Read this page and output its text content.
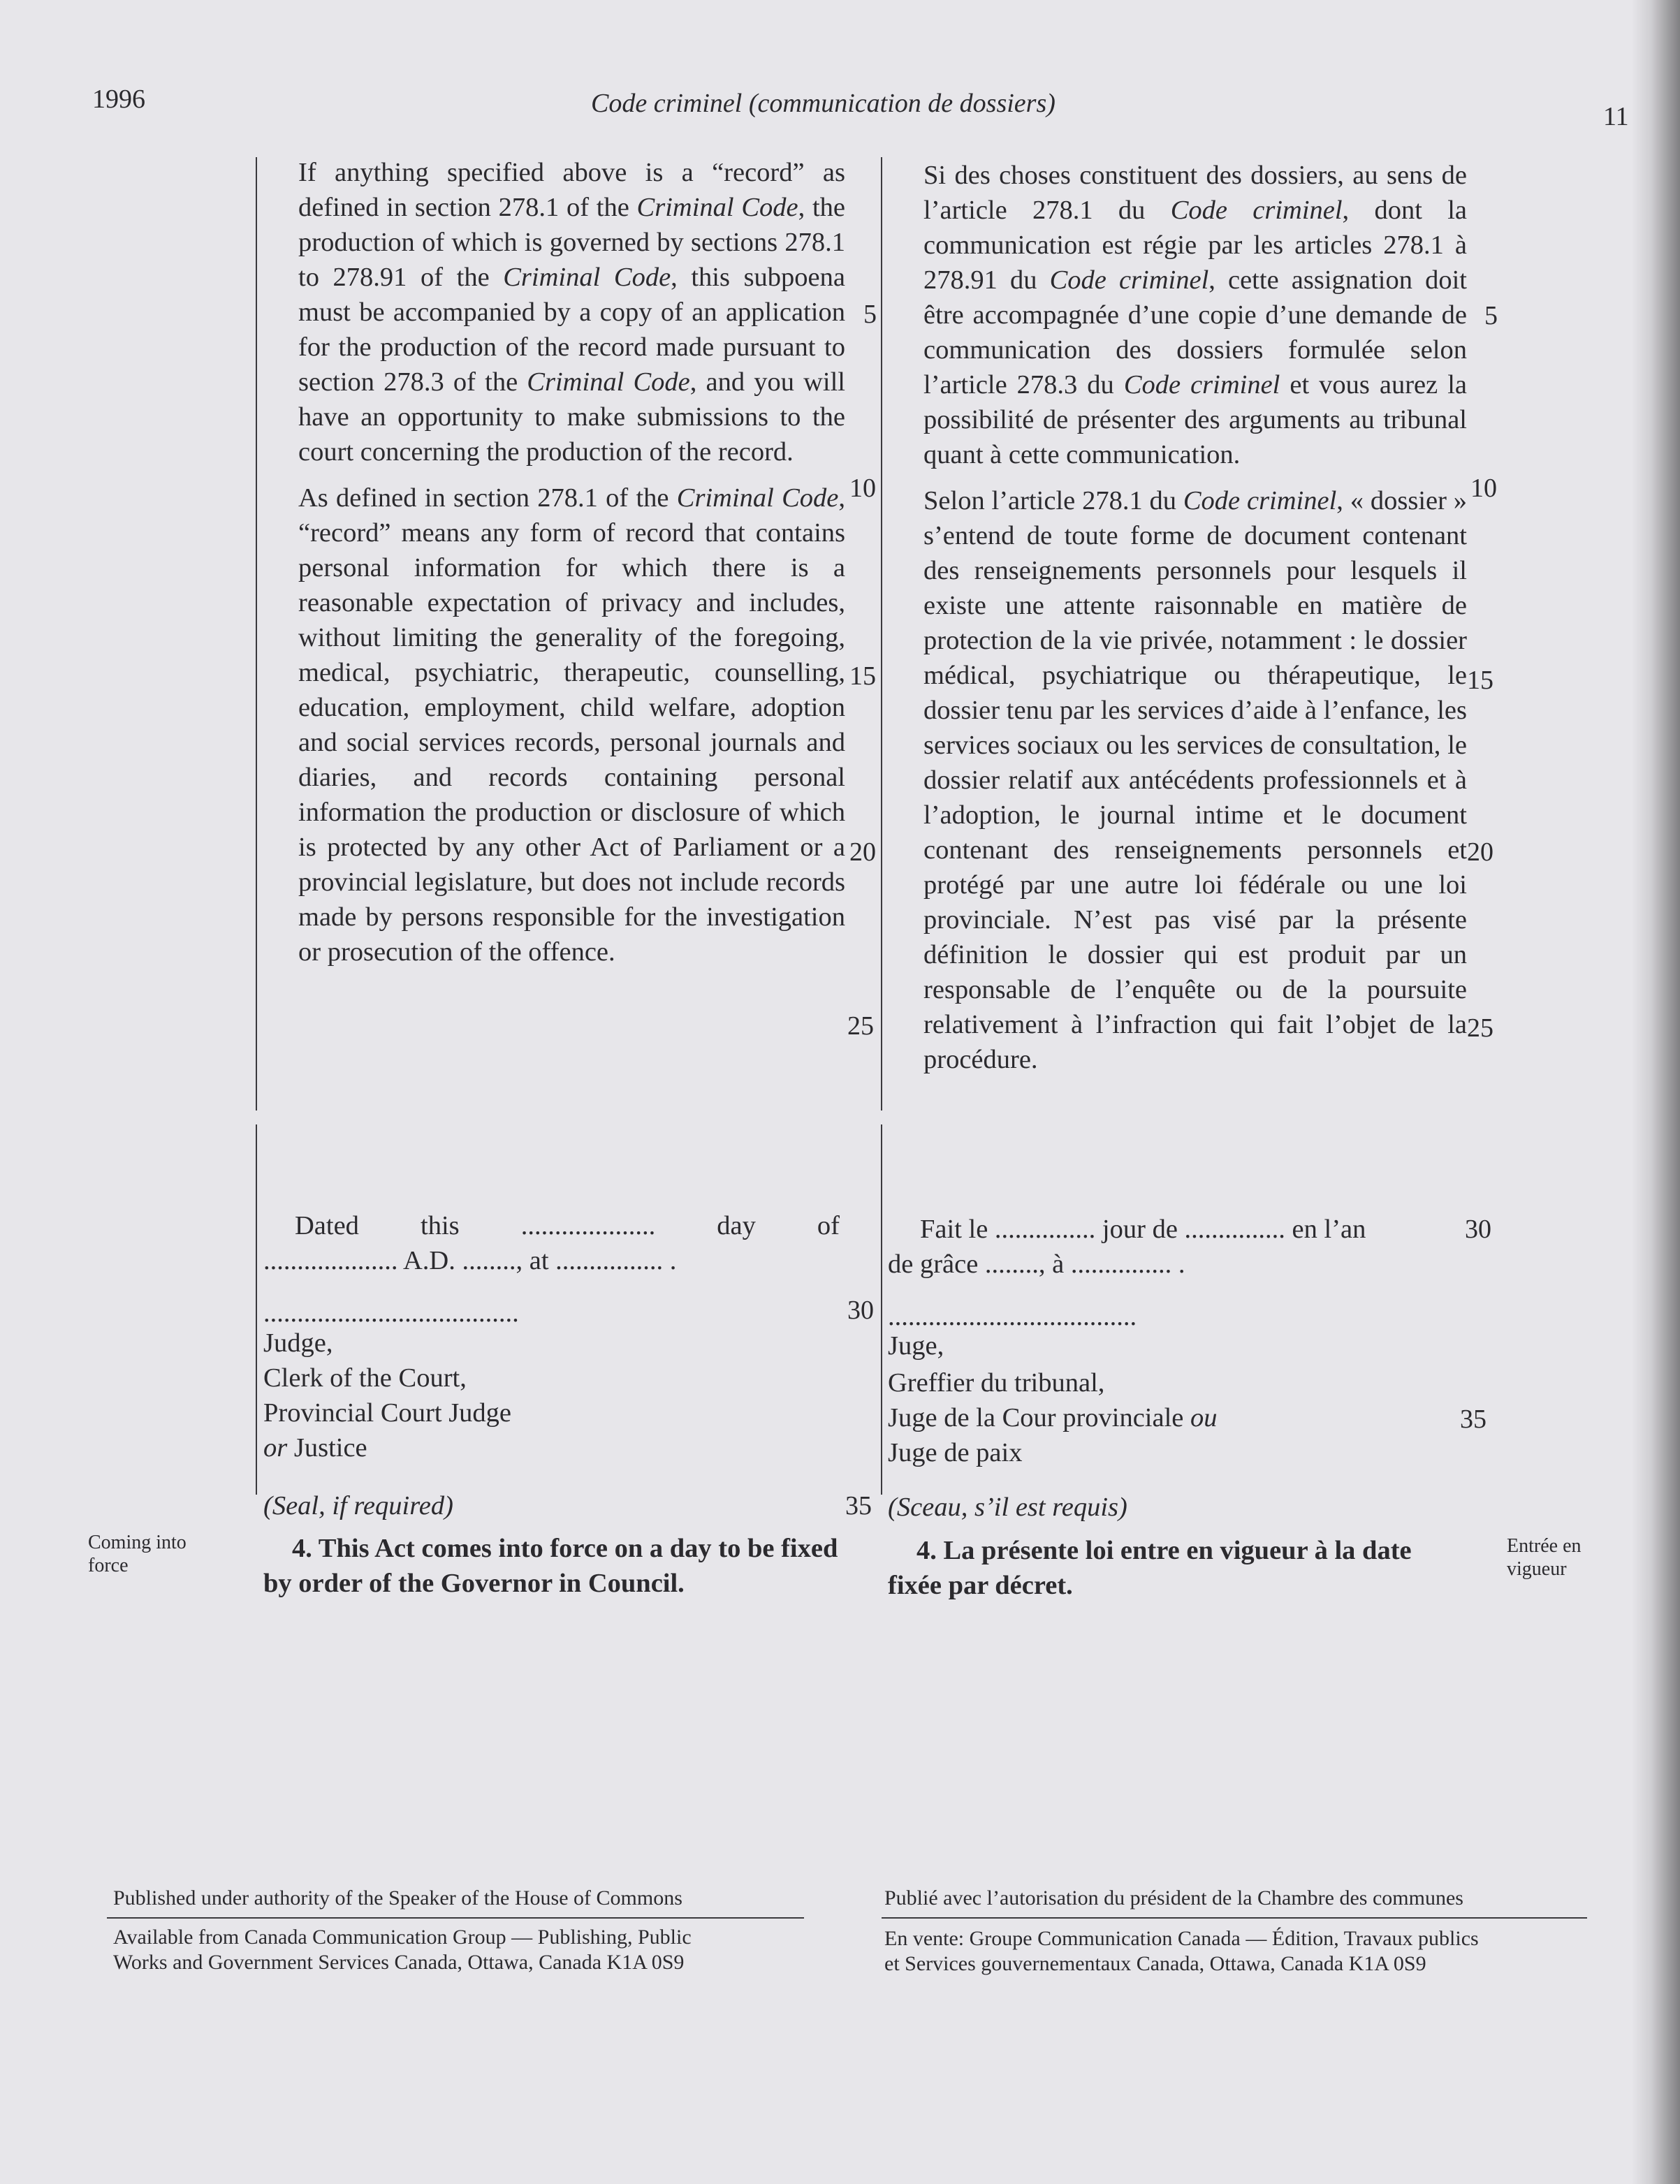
1996	Code criminel (communication de dossiers)	11

If anything specified above is a “record” as defined in section 278.1 of the Criminal Code, the production of which is governed by sections 278.1 to 278.91 of the Criminal Code, this subpoena must be accompanied by a copy of an application for the production of the record made pursuant to section 278.3 of the Criminal Code, and you will have an opportunity to make submissions to the court concerning the production of the record.

As defined in section 278.1 of the Criminal Code, “record” means any form of record that contains personal information for which there is a reasonable expectation of privacy and includes, without limiting the generality of the foregoing, medical, psychiatric, therapeutic, counselling, education, employment, child welfare, adoption and social services records, personal journals and diaries, and records containing personal information the production or disclosure of which is protected by any other Act of Parliament or a provincial legislature, but does not include records made by persons responsible for the investigation or prosecution of the offence.

5
10
15
20
25
30
35
Dated this .................... day of
.................... A.D. ........, at ................ .
......................................
Judge,
Clerk of the Court,
Provincial Court Judge
or Justice
(Seal, if required)
Coming into
force
4. This Act comes into force on a day to be fixed by order of the Governor in Council.

Si des choses constituent des dossiers, au sens de l’article 278.1 du Code criminel, dont la communication est régie par les articles 278.1 à 278.91 du Code criminel, cette assignation doit être accompagnée d’une copie d’une demande de communication des dossiers formulée selon l’article 278.3 du Code criminel et vous aurez la possibilité de présenter des arguments au tribunal quant à cette communication.

Selon l’article 278.1 du Code criminel, « dossier » s’entend de toute forme de document contenant des renseignements personnels pour lesquels il existe une attente raisonnable en matière de protection de la vie privée, notamment : le dossier médical, psychiatrique ou thérapeutique, le dossier tenu par les services d’aide à l’enfance, les services sociaux ou les services de consultation, le dossier relatif aux antécédents professionnels et à l’adoption, le journal intime et le document contenant des renseignements personnels et protégé par une autre loi fédérale ou une loi provinciale. N’est pas visé par la présente définition le dossier qui est produit par un responsable de l’enquête ou de la poursuite relativement à l’infraction qui fait l’objet de la procédure.

5
10
15
20
25
30
35
Fait le ............... jour de ............... en l’an
de grâce ........, à ............... .
.....................................
Juge,
Greffier du tribunal,
Juge de la Cour provinciale ou
Juge de paix
(Sceau, s’il est requis)
4. La présente loi entre en vigueur à la date fixée par décret.
Entrée en
vigueur
Published under authority of the Speaker of the House of Commons
Available from Canada Communication Group — Publishing, Public
Works and Government Services Canada, Ottawa, Canada K1A 0S9
Publié avec l’autorisation du président de la Chambre des communes
En vente: Groupe Communication Canada — Édition, Travaux publics
et Services gouvernementaux Canada, Ottawa, Canada K1A 0S9
